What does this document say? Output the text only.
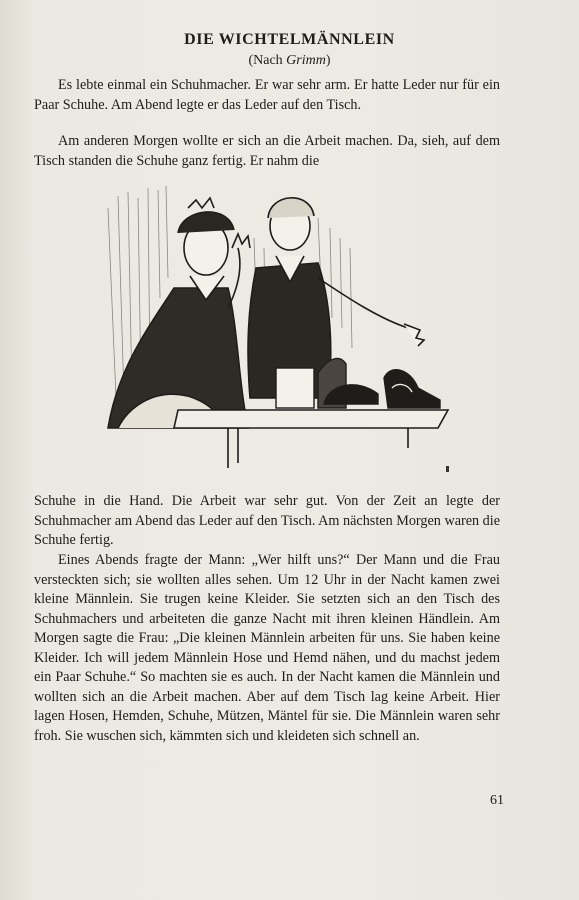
DIE WICHTELMÄNNLEIN
(Nach Grimm)

Es lebte einmal ein Schuhmacher. Er war sehr arm. Er hatte Leder nur für ein Paar Schuhe. Am Abend legte er das Leder auf den Tisch.

Am anderen Morgen wollte er sich an die Arbeit machen. Da, sieh, auf dem Tisch standen die Schuhe ganz fertig. Er nahm die

Schuhe in die Hand. Die Arbeit war sehr gut. Von der Zeit an legte der Schuhmacher am Abend das Leder auf den Tisch. Am nächsten Morgen waren die Schuhe fertig.

Eines Abends fragte der Mann: „Wer hilft uns?“ Der Mann und die Frau versteckten sich; sie wollten alles sehen. Um 12 Uhr in der Nacht kamen zwei kleine Männlein. Sie trugen keine Kleider. Sie setzten sich an den Tisch des Schuhmachers und arbeiteten die ganze Nacht mit ihren kleinen Händlein. Am Morgen sagte die Frau: „Die kleinen Männlein arbeiten für uns. Sie haben keine Kleider. Ich will jedem Männlein Hose und Hemd nähen, und du machst jedem ein Paar Schuhe.“ So machten sie es auch. In der Nacht kamen die Männlein und wollten sich an die Arbeit machen. Aber auf dem Tisch lag keine Arbeit. Hier lagen Hosen, Hemden, Schuhe, Mützen, Mäntel für sie. Die Männlein waren sehr froh. Sie wuschen sich, kämmten sich und kleideten sich schnell an.

61
